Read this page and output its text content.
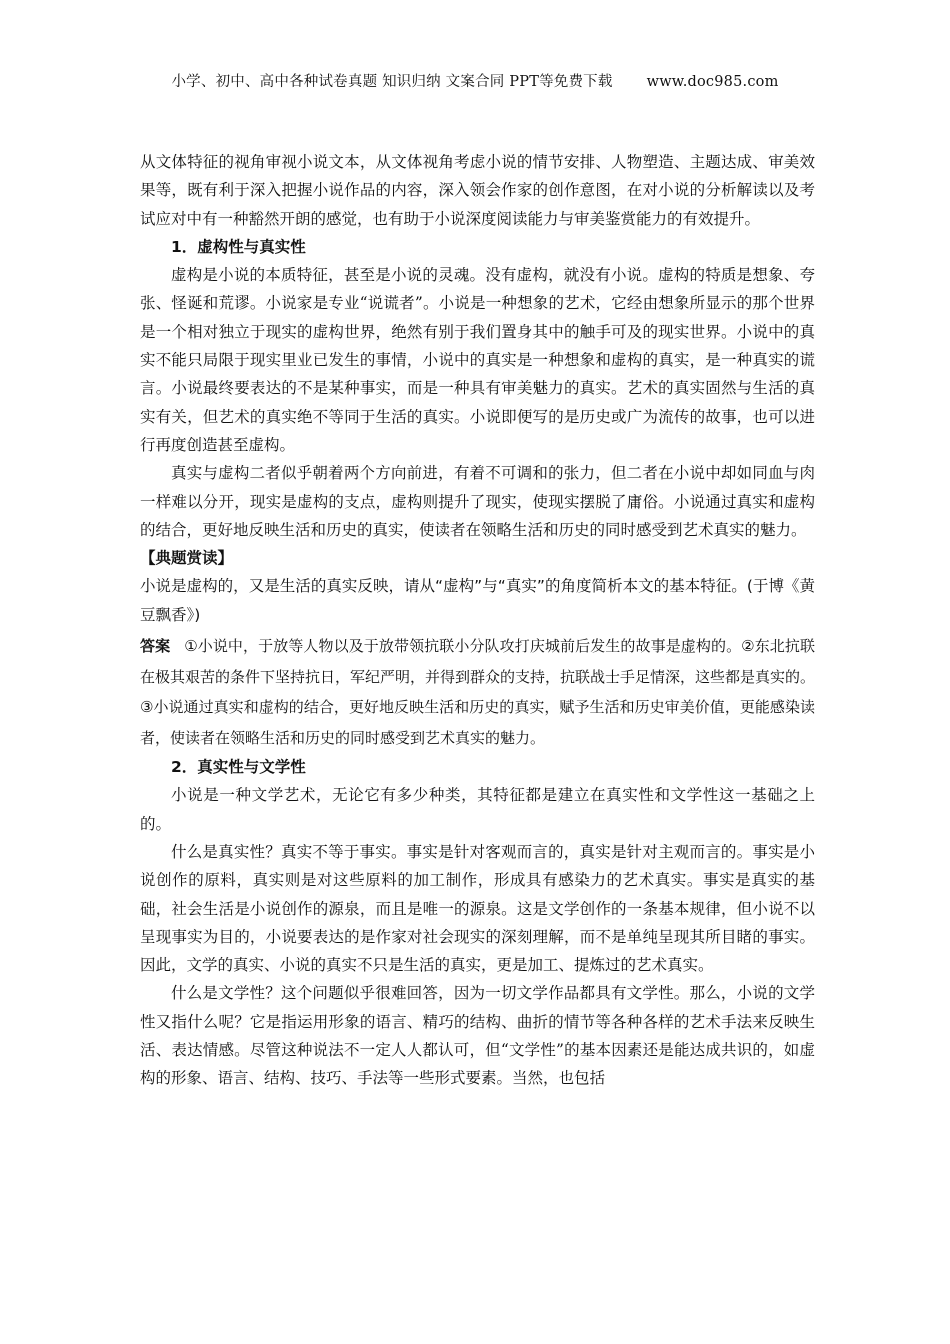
小学、初中、高中各种试卷真题 知识归纳 文案合同 PPT等免费下载 www.doc985.com

从文体特征的视角审视小说文本，从文体视角考虑小说的情节安排、人物塑造、主题达成、审美效果等，既有利于深入把握小说作品的内容，深入领会作家的创作意图，在对小说的分析解读以及考试应对中有一种豁然开朗的感觉，也有助于小说深度阅读能力与审美鉴赏能力的有效提升。

1．虚构性与真实性

虚构是小说的本质特征，甚至是小说的灵魂。没有虚构，就没有小说。虚构的特质是想象、夸张、怪诞和荒谬。小说家是专业“说谎者”。小说是一种想象的艺术，它经由想象所显示的那个世界是一个相对独立于现实的虚构世界，绝然有别于我们置身其中的触手可及的现实世界。小说中的真实不能只局限于现实里业已发生的事情，小说中的真实是一种想象和虚构的真实，是一种真实的谎言。小说最终要表达的不是某种事实，而是一种具有审美魅力的真实。艺术的真实固然与生活的真实有关，但艺术的真实绝不等同于生活的真实。小说即便写的是历史或广为流传的故事，也可以进行再度创造甚至虚构。

真实与虚构二者似乎朝着两个方向前进，有着不可调和的张力，但二者在小说中却如同血与肉一样难以分开，现实是虚构的支点，虚构则提升了现实，使现实摆脱了庸俗。小说通过真实和虚构的结合，更好地反映生活和历史的真实，使读者在领略生活和历史的同时感受到艺术真实的魅力。

【典题赏读】

小说是虚构的，又是生活的真实反映，请从“虚构”与“真实”的角度简析本文的基本特征。(于博《黄豆飘香》)

答案 ①小说中，于放等人物以及于放带领抗联小分队攻打庆城前后发生的故事是虚构的。②东北抗联在极其艰苦的条件下坚持抗日，军纪严明，并得到群众的支持，抗联战士手足情深，这些都是真实的。③小说通过真实和虚构的结合，更好地反映生活和历史的真实，赋予生活和历史审美价值，更能感染读者，使读者在领略生活和历史的同时感受到艺术真实的魅力。

2．真实性与文学性

小说是一种文学艺术，无论它有多少种类，其特征都是建立在真实性和文学性这一基础之上的。

什么是真实性？真实不等于事实。事实是针对客观而言的，真实是针对主观而言的。事实是小说创作的原料，真实则是对这些原料的加工制作，形成具有感染力的艺术真实。事实是真实的基础，社会生活是小说创作的源泉，而且是唯一的源泉。这是文学创作的一条基本规律，但小说不以呈现事实为目的，小说要表达的是作家对社会现实的深刻理解，而不是单纯呈现其所目睹的事实。因此，文学的真实、小说的真实不只是生活的真实，更是加工、提炼过的艺术真实。

什么是文学性？这个问题似乎很难回答，因为一切文学作品都具有文学性。那么，小说的文学性又指什么呢？它是指运用形象的语言、精巧的结构、曲折的情节等各种各样的艺术手法来反映生活、表达情感。尽管这种说法不一定人人都认可，但“文学性”的基本因素还是能达成共识的，如虚构的形象、语言、结构、技巧、手法等一些形式要素。当然，也包括
